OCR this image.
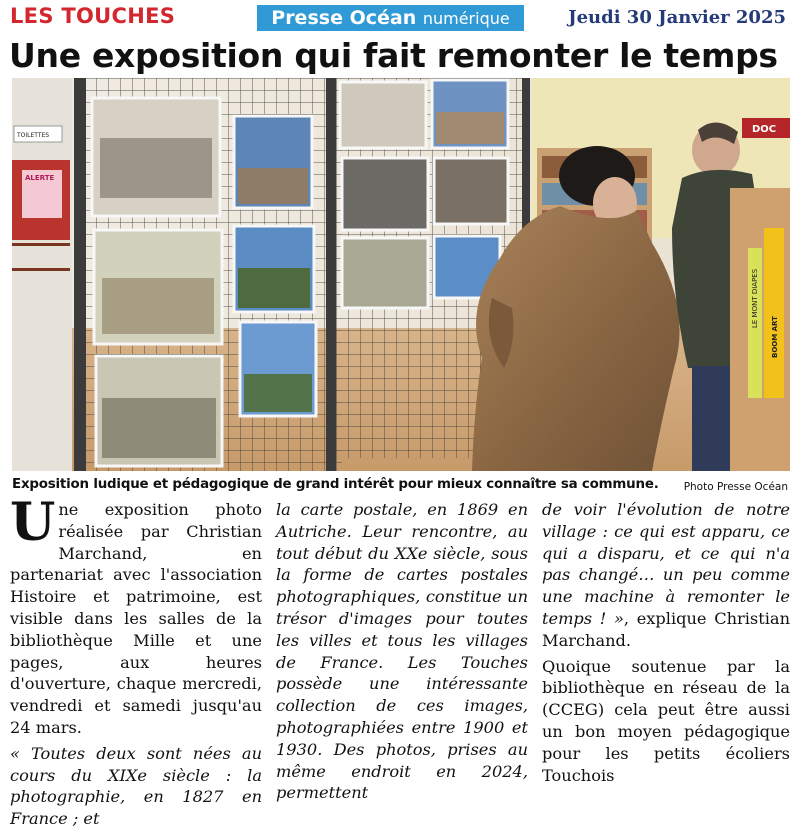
LES TOUCHES	Presse Océan numérique	Jeudi 30 Janvier 2025
Une exposition qui fait remonter le temps
TOILETTES
ALERTE
DOC
LE MONT DIAPES
BOOM ART
Exposition ludique et pédagogique de grand intérêt pour mieux connaître sa commune. Photo Presse Océan

Une exposition photo réalisée par Christian Marchand, en partenariat avec l'association Histoire et patrimoine, est visible dans les salles de la bibliothèque Mille et une pages, aux heures d'ouverture, chaque mercredi, vendredi et samedi jusqu'au 24 mars.

« Toutes deux sont nées au cours du XIXe siècle : la photographie, en 1827 en France ; et

la carte postale, en 1869 en Autriche. Leur rencontre, au tout début du XXe siècle, sous la forme de cartes postales photographiques, constitue un trésor d'images pour toutes les villes et tous les villages de France. Les Touches possède une intéressante collection de ces images, photographiées entre 1900 et 1930. Des photos, prises au même endroit en 2024, permettent

de voir l'évolution de notre village : ce qui est apparu, ce qui a disparu, et ce qui n'a pas changé… un peu comme une machine à remonter le temps ! », explique Christian Marchand.

Quoique soutenue par la bibliothèque en réseau de la (CCEG) cela peut être aussi un bon moyen pédagogique pour les petits écoliers Touchois
